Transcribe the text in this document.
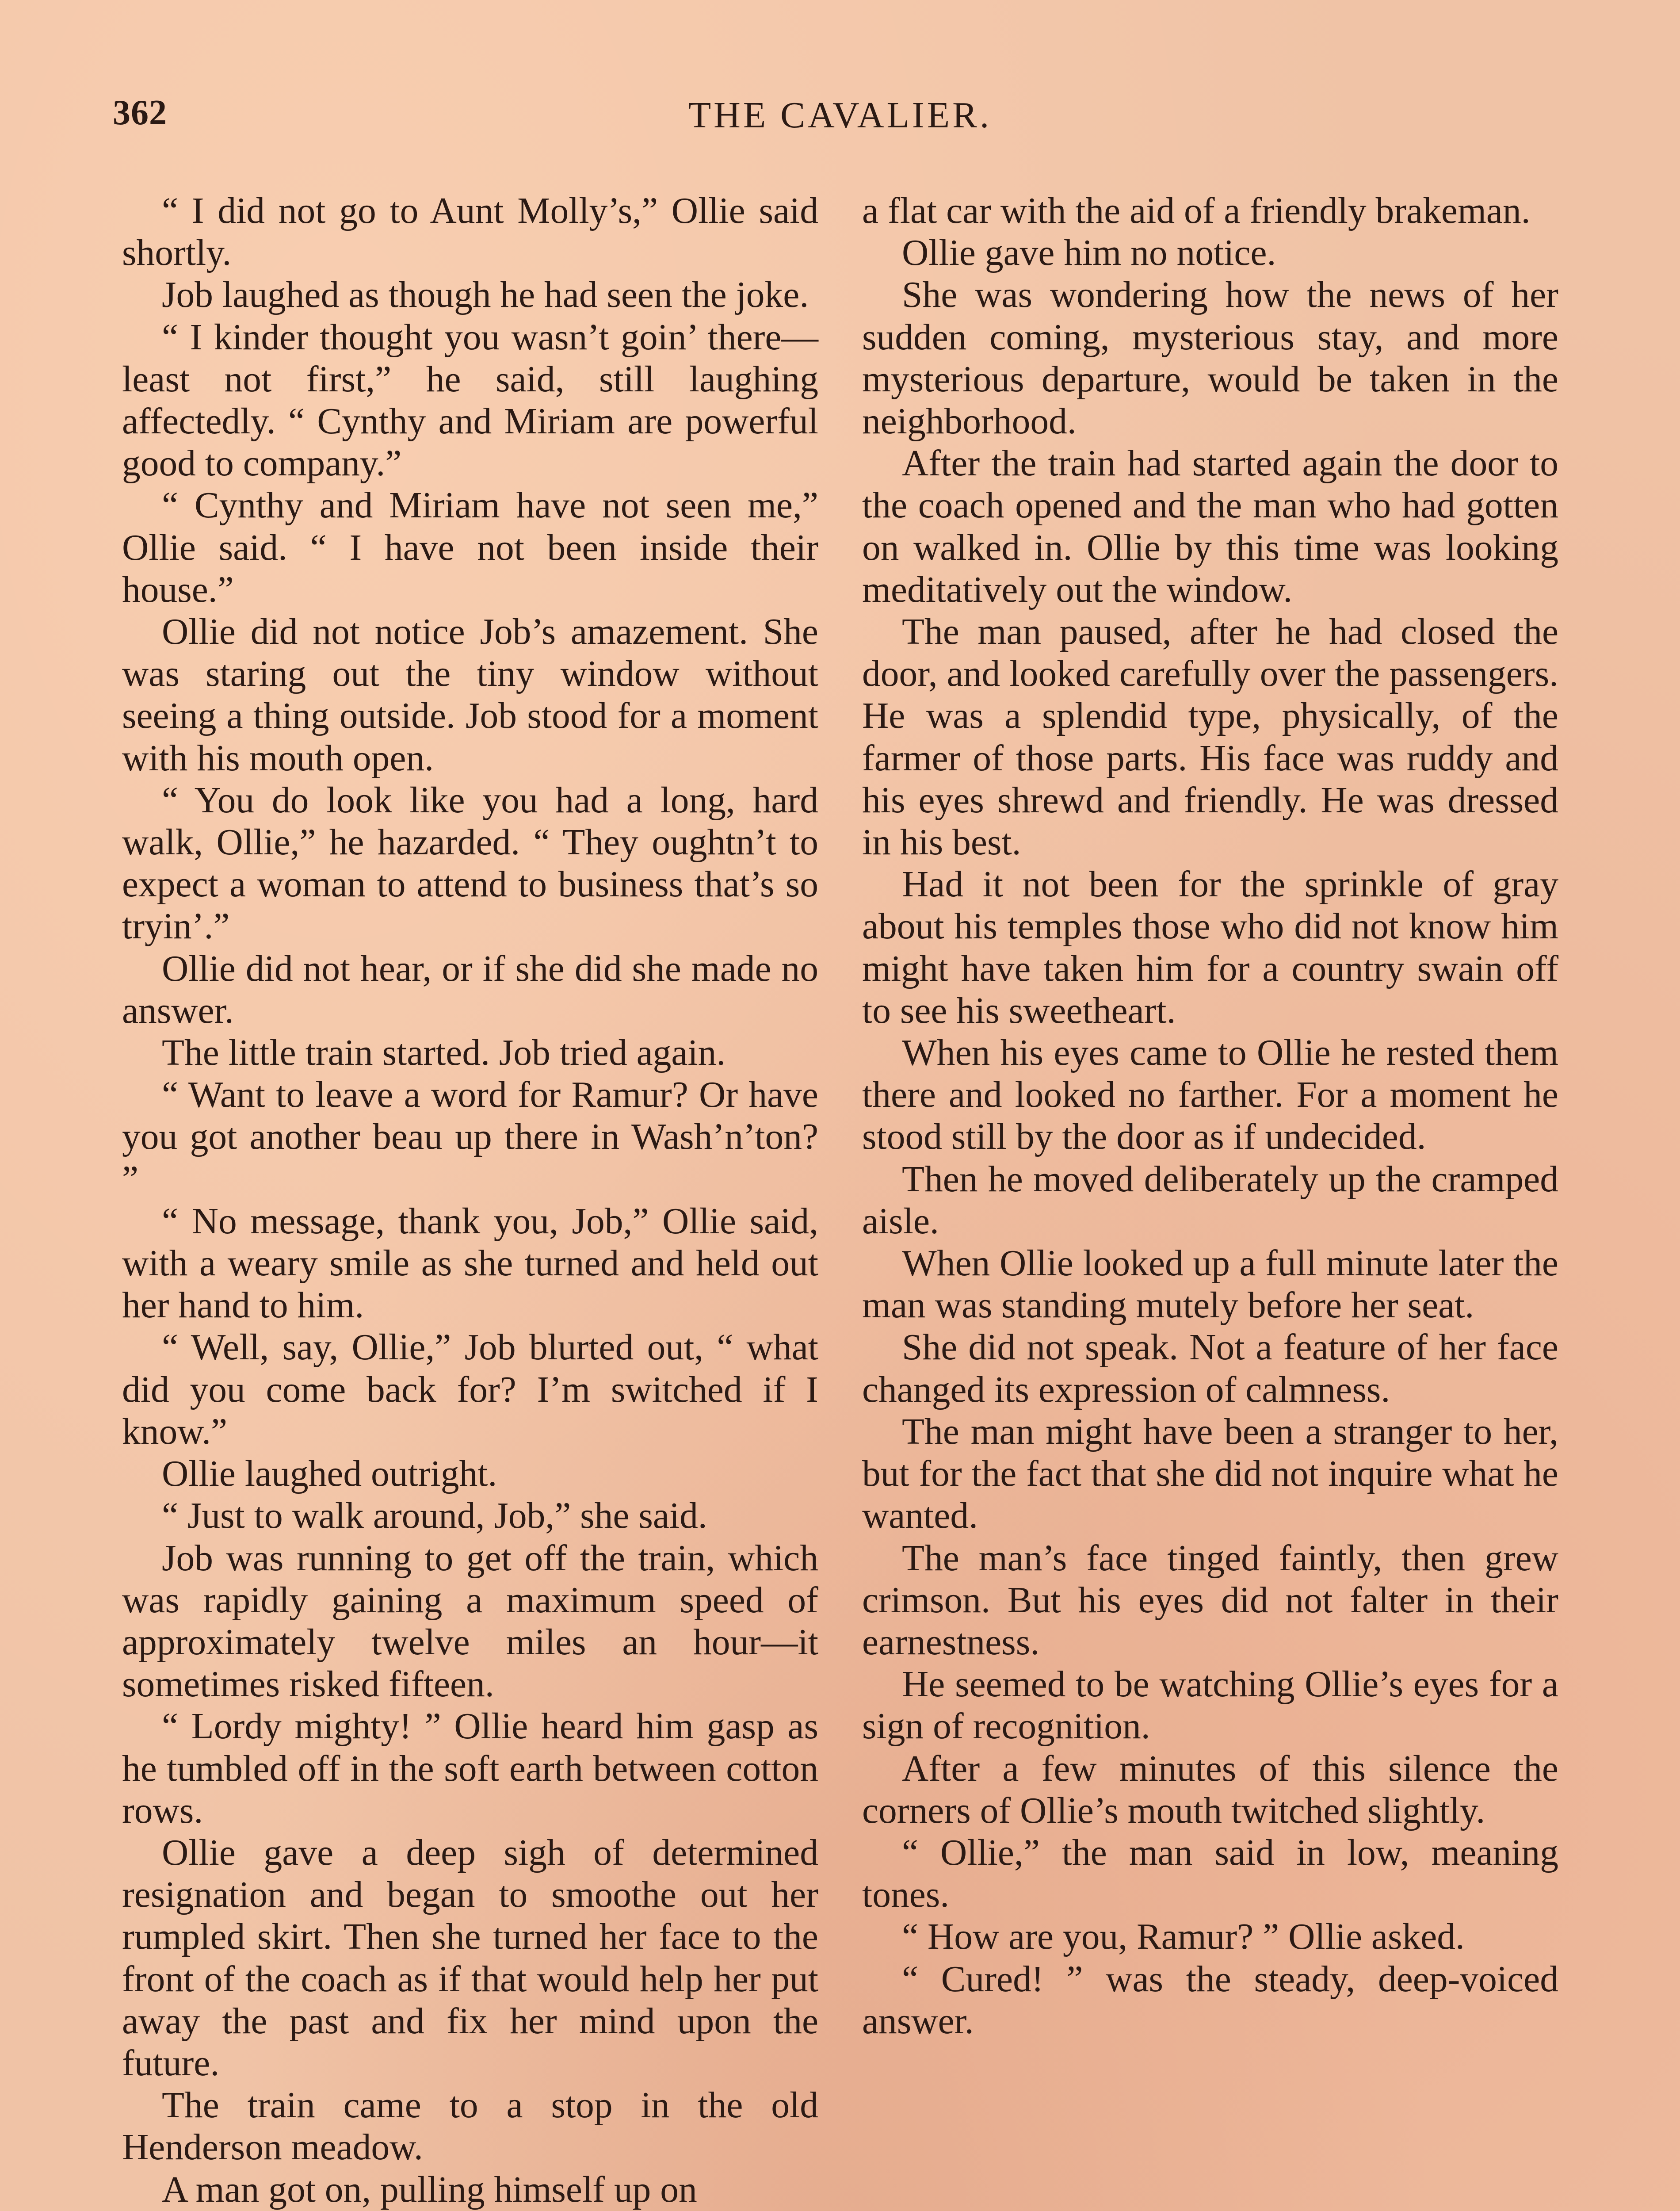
362	THE CAVALIER.

“ I did not go to Aunt Molly’s,” Ollie said shortly.

Job laughed as though he had seen the joke.

“ I kinder thought you wasn’t goin’ there—least not first,” he said, still laughing affectedly. “ Cynthy and Miriam are powerful good to company.”

“ Cynthy and Miriam have not seen me,” Ollie said. “ I have not been inside their house.”

Ollie did not notice Job’s amazement. She was staring out the tiny window without seeing a thing outside. Job stood for a moment with his mouth open.

“ You do look like you had a long, hard walk, Ollie,” he hazarded. “ They oughtn’t to expect a woman to attend to business that’s so tryin’.”

Ollie did not hear, or if she did she made no answer.

The little train started. Job tried again.

“ Want to leave a word for Ramur? Or have you got another beau up there in Wash’n’ton? ”

“ No message, thank you, Job,” Ollie said, with a weary smile as she turned and held out her hand to him.

“ Well, say, Ollie,” Job blurted out, “ what did you come back for? I’m switched if I know.”

Ollie laughed outright.

“ Just to walk around, Job,” she said.

Job was running to get off the train, which was rapidly gaining a maximum speed of approximately twelve miles an hour—it sometimes risked fifteen.

“ Lordy mighty! ” Ollie heard him gasp as he tumbled off in the soft earth between cotton rows.

Ollie gave a deep sigh of determined resignation and began to smoothe out her rumpled skirt. Then she turned her face to the front of the coach as if that would help her put away the past and fix her mind upon the future.

The train came to a stop in the old Henderson meadow.

A man got on, pulling himself up on

a flat car with the aid of a friendly brakeman.

Ollie gave him no notice.

She was wondering how the news of her sudden coming, mysterious stay, and more mysterious departure, would be taken in the neighborhood.

After the train had started again the door to the coach opened and the man who had gotten on walked in. Ollie by this time was looking meditatively out the window.

The man paused, after he had closed the door, and looked carefully over the passengers. He was a splendid type, physically, of the farmer of those parts. His face was ruddy and his eyes shrewd and friendly. He was dressed in his best.

Had it not been for the sprinkle of gray about his temples those who did not know him might have taken him for a country swain off to see his sweetheart.

When his eyes came to Ollie he rested them there and looked no farther. For a moment he stood still by the door as if undecided.

Then he moved deliberately up the cramped aisle.

When Ollie looked up a full minute later the man was standing mutely before her seat.

She did not speak. Not a feature of her face changed its expression of calmness.

The man might have been a stranger to her, but for the fact that she did not inquire what he wanted.

The man’s face tinged faintly, then grew crimson. But his eyes did not falter in their earnestness.

He seemed to be watching Ollie’s eyes for a sign of recognition.

After a few minutes of this silence the corners of Ollie’s mouth twitched slightly.

“ Ollie,” the man said in low, meaning tones.

“ How are you, Ramur? ” Ollie asked.

“ Cured! ” was the steady, deep-voiced answer.
